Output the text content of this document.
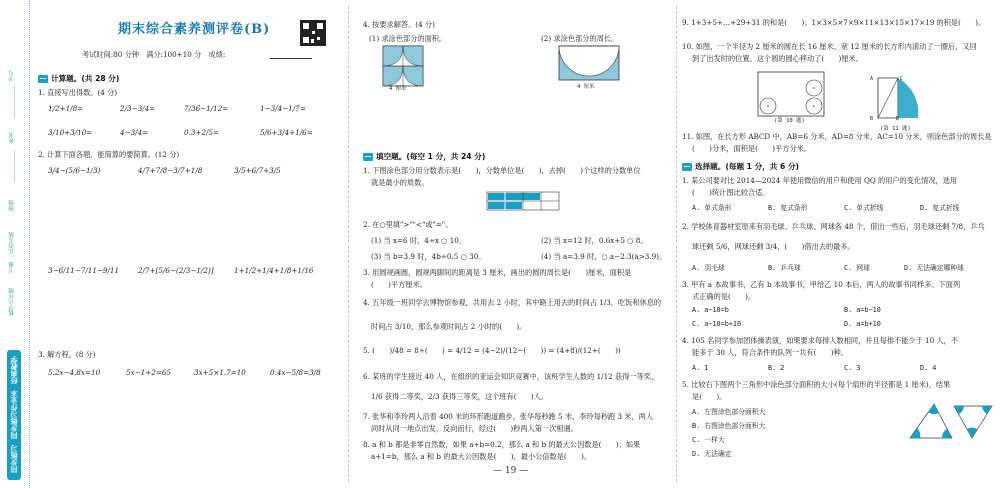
学号
姓名
班级
江苏专版
下册
数学六年级
经典教学
同步练习作业本
同步练习
期末综合素养测评卷(B)
考试时间:80 分钟　满分:100+10 分　成绩:
计算题。(共 28 分)
1. 直接写出得数。(4 分)
1/2+1/8=	2/3−3/4=	7/36−1/12=	1−3/4−1/7=
3/10+3/10=	4−3/4=	0.3+2/5=	5/6+3/4+1/6=
2. 计算下面各题，能简算的要简算。(12 分)
3/4−(5/6−1/3)	4/7+7/8−3/7+1/8	3/5+6/7+3/5
3−6/11−7/11−9/11	2/7+[5/6−(2/3−1/2)]	1+1/2+1/4+1/8+1/16
3. 解方程。(8 分)
5.2x−4.8x=10	5x−1+2=65	3x+5×1.7=10	0.4x−5/8=3/8
4. 按要求解答。(4 分)
(1) 求涂色部分的面积。	(2) 求涂色部分的周长。
4 厘米	4 厘米
填空题。(每空 1 分，共 24 分)
1. 下图涂色部分用分数表示是(　　)，分数单位是(　　)，去掉(　　)个这样的分数单位
就是最小的质数。
2. 在○里填">""<"或"="。
(1) 当 x=6 时，4÷x ○ 10。	(2) 当 x=12 时，0.6x+5 ○ 8。
(3) 当 b=3.9 时，4b÷0.5 ○ 30。	(4) 当 a=3.9 时，○ a−2.3(a>3.9)。
3. 用圆规画圆，圆规两脚间的距离是 3 厘米，画出的圆的周长是(　　)厘米，面积是
(　　)平方厘米。
4. 五年级一班同学去博物馆参观，共用去 2 小时，其中路上用去的时间占 1/3，吃饭和休息的
时间占 3/10，那么参观时间占 2 小时的(　　)。
5. (　　)/48 = 8÷(　　) = 4/12 = (4−2)/(12−(　　)) = (4+8)/(12+(　　))
6. 某班的学生接近 40 人，在组织的亚运会知识竞赛中，该班学生人数的 1/12 获得一等奖，
1/6 获得二等奖，2/3 获得三等奖，这个班有(　　)人。
7. 张华和李玲两人沿着 400 米的环形跑道跑步，张华每秒跑 5 米，李玲每秒跑 3 米，两人
同时从同一地点出发，反向而行，经过(　　)秒两人第一次相遇。
8. a 和 b 都是非零自然数，如果 a÷b=0.2，那么 a 和 b 的最大公因数是(　　)；如果
a+1=b，那么 a 和 b 的最大公因数是(　　)，最小公倍数是(　　)。
— 19 —
9. 1+3+5+…+29+31 的和是(　　)；1×3×5×7×9×11×13×15×17×19 的积是(　　)。
10. 如图，一个半径为 2 厘米的圆在长 16 厘米、宽 12 厘米的长方形内滚动了一圈后，又回
到了出发时的位置。这个圆的圆心移动了(　　)厘米。
(第 10 题)
A
B
C
D
(第 11 题)
11. 如图，在长方形 ABCD 中，AB=6 分米，AD=8 分米，AC=10 分米，则涂色部分的周长是
(　　)分米，面积是(　　)平方分米。
选择题。(每题 1 分，共 6 分)
1. 某公司要对比 2014—2024 年使用微信的用户和使用 QQ 的用户的变化情况，选用
(　　)统计图比较合适。
A. 单式条形	B. 复式条形	C. 单式折线	D. 复式折线
2. 学校体育器材室原来有羽毛球、乒乓球、网球各 48 个，借出一些后，羽毛球还剩 7/8，乒乓
球还剩 5/6，网球还剩 3/4，(　　)借出去的最多。
A. 羽毛球	B. 乒乓球	C. 网球	D. 无法确定哪种球
3. 甲有 a 本故事书，乙有 b 本故事书，甲给乙 10 本后，两人的故事书同样多。下面列
式正确的是(　　)。
A. a−10=b	B. a=b−10
C. a−10=b+10	D. a=b+10
4. 105 名同学参加团体操表演，如果要求每排人数相同，并且每排不能少于 10 人，不
能多于 30 人，符合条件的队列一共有(　　)种。
A. 1	B. 2	C. 3	D. 4
5. 比较右下图两个三角形中涂色部分面积的大小(每个扇形的半径都是 1 厘米)，结果
是(　　)。
A. 左图涂色部分面积大
B. 右图涂色部分面积大
C. 一样大
D. 无法确定
